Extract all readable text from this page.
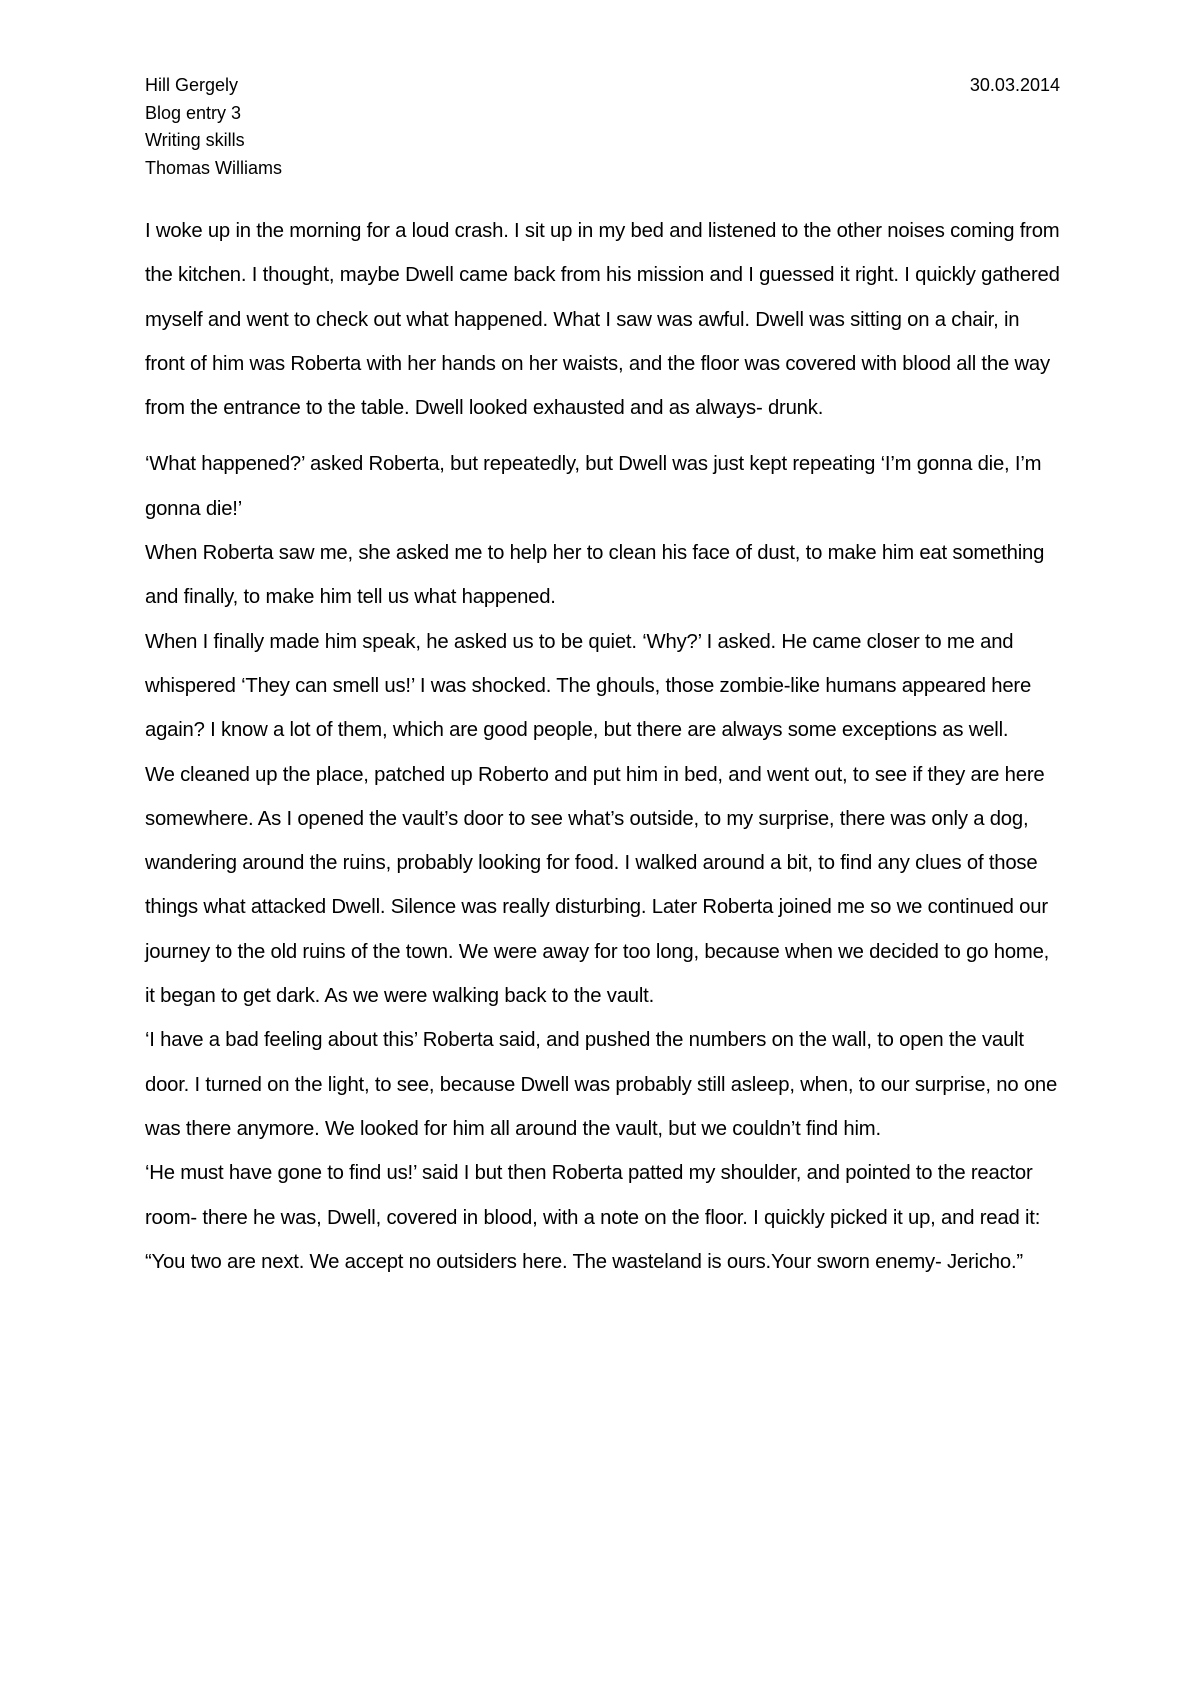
Hill Gergely
Blog entry 3
Writing skills
Thomas Williams
30.03.2014

I woke up in the morning for a loud crash. I sit up in my bed and listened to the other noises coming from the kitchen. I thought, maybe Dwell came back from his mission and I guessed it right. I quickly gathered myself and went to check out what happened. What I saw was awful. Dwell was sitting on a chair, in front of him was Roberta with her hands on her waists, and the floor was covered with blood all the way from the entrance to the table. Dwell looked exhausted and as always- drunk.

‘What happened?’ asked Roberta, but repeatedly, but Dwell was just kept repeating ‘I’m gonna die, I’m gonna die!’

When Roberta saw me, she asked me to help her to clean his face of dust, to make him eat something and finally, to make him tell us what happened.

When I finally made him speak, he asked us to be quiet. ‘Why?’ I asked. He came closer to me and whispered ‘They can smell us!’ I was shocked. The ghouls, those zombie-like humans appeared here again? I know a lot of them, which are good people, but there are always some exceptions as well.

We cleaned up the place, patched up Roberto and put him in bed, and went out, to see if they are here somewhere. As I opened the vault’s door to see what’s outside, to my surprise, there was only a dog, wandering around the ruins, probably looking for food. I walked around a bit, to find any clues of those things what attacked Dwell. Silence was really disturbing. Later Roberta joined me so we continued our journey to the old ruins of the town. We were away for too long, because when we decided to go home, it began to get dark. As we were walking back to the vault.

‘I have a bad feeling about this’ Roberta said, and pushed the numbers on the wall, to open the vault door. I turned on the light, to see, because Dwell was probably still asleep, when, to our surprise, no one was there anymore. We looked for him all around the vault, but we couldn’t find him.

‘He must have gone to find us!’ said I but then Roberta patted my shoulder, and pointed to the reactor room- there he was, Dwell, covered in blood, with a note on the floor. I quickly picked it up, and read it: “You two are next. We accept no outsiders here. The wasteland is ours.Your sworn enemy- Jericho.”
